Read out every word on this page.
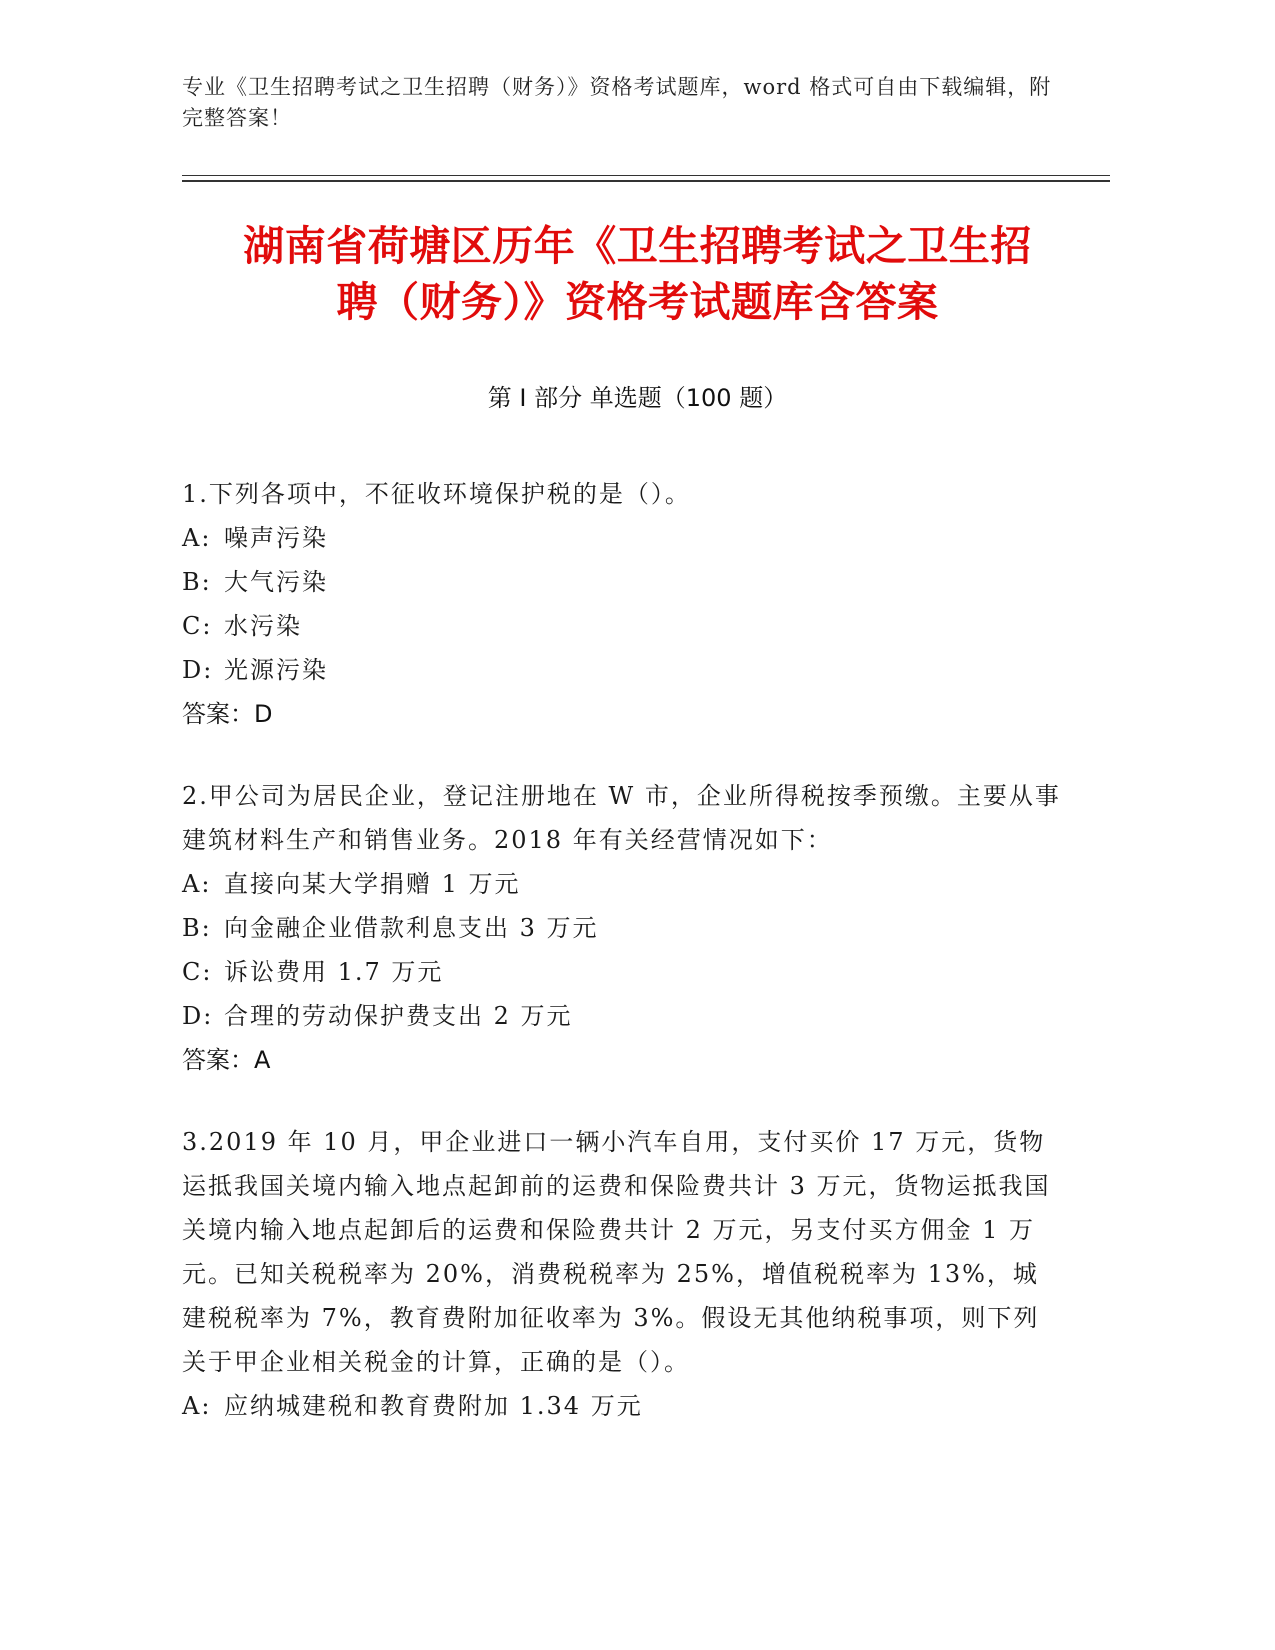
专业《卫生招聘考试之卫生招聘（财务）》资格考试题库，word 格式可自由下载编辑，附完整答案！
湖南省荷塘区历年《卫生招聘考试之卫生招
聘（财务）》资格考试题库含答案
第 I 部分 单选题（100 题）
1.下列各项中，不征收环境保护税的是（）。
A: 噪声污染
B: 大气污染
C: 水污染
D: 光源污染
答案：D
2.甲公司为居民企业，登记注册地在 W 市，企业所得税按季预缴。主要从事建筑材料生产和销售业务。2018 年有关经营情况如下：
A: 直接向某大学捐赠 1 万元
B: 向金融企业借款利息支出 3 万元
C: 诉讼费用 1.7 万元
D: 合理的劳动保护费支出 2 万元
答案：A
3.2019 年 10 月，甲企业进口一辆小汽车自用，支付买价 17 万元，货物运抵我国关境内输入地点起卸前的运费和保险费共计 3 万元，货物运抵我国关境内输入地点起卸后的运费和保险费共计 2 万元，另支付买方佣金 1 万元。已知关税税率为 20%，消费税税率为 25%，增值税税率为 13%，城建税税率为 7%，教育费附加征收率为 3%。假设无其他纳税事项，则下列关于甲企业相关税金的计算，正确的是（）。
A: 应纳城建税和教育费附加 1.34 万元
